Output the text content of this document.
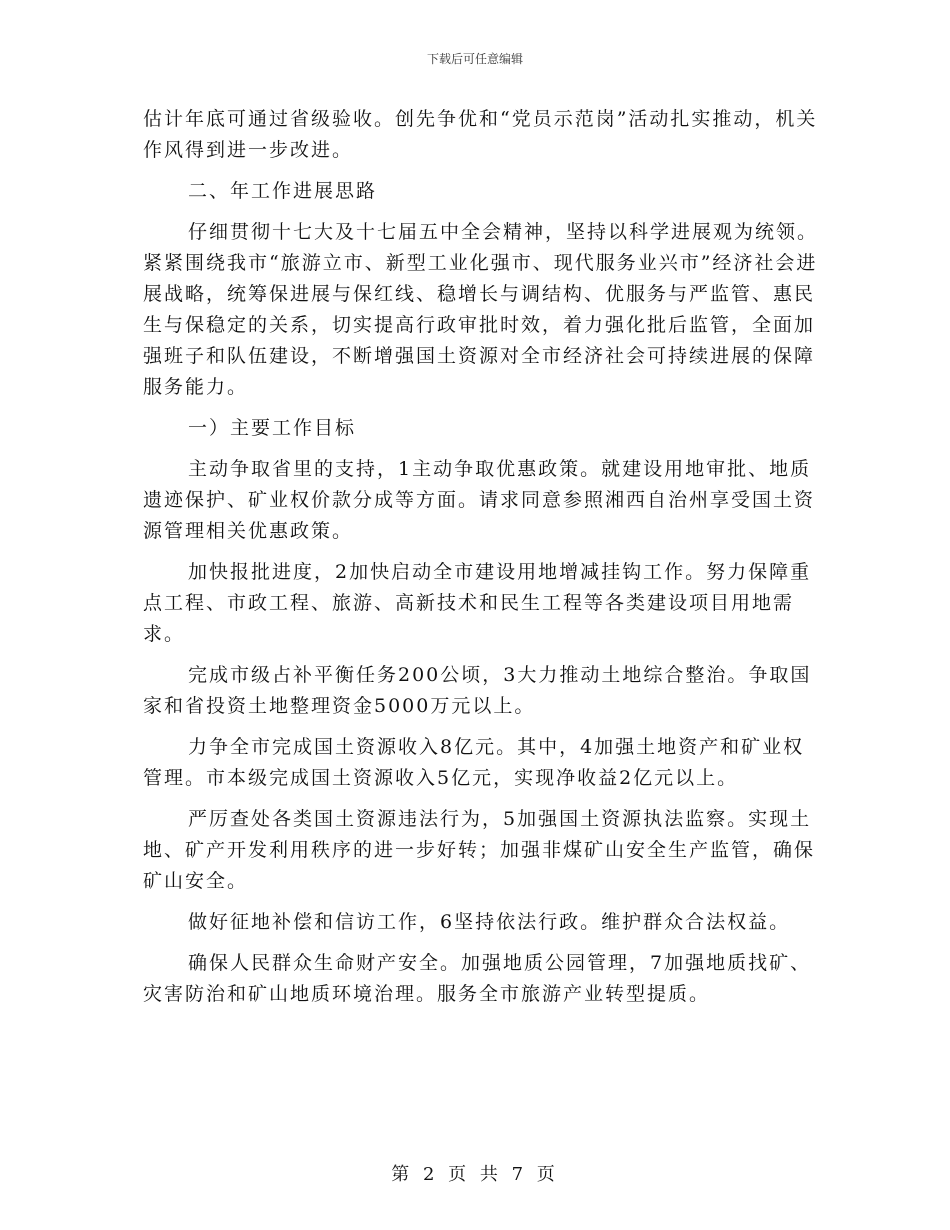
下载后可任意编辑

估计年底可通过省级验收。创先争优和“党员示范岗”活动扎实推动，机关作风得到进一步改进。

二、年工作进展思路

仔细贯彻十七大及十七届五中全会精神，坚持以科学进展观为统领。紧紧围绕我市“旅游立市、新型工业化强市、现代服务业兴市”经济社会进展战略，统筹保进展与保红线、稳增长与调结构、优服务与严监管、惠民生与保稳定的关系，切实提高行政审批时效，着力强化批后监管，全面加强班子和队伍建设，不断增强国土资源对全市经济社会可持续进展的保障服务能力。

一）主要工作目标

主动争取省里的支持，1主动争取优惠政策。就建设用地审批、地质遗迹保护、矿业权价款分成等方面。请求同意参照湘西自治州享受国土资源管理相关优惠政策。

加快报批进度，2加快启动全市建设用地增减挂钩工作。努力保障重点工程、市政工程、旅游、高新技术和民生工程等各类建设项目用地需求。

完成市级占补平衡任务200公顷，3大力推动土地综合整治。争取国家和省投资土地整理资金5000万元以上。

力争全市完成国土资源收入8亿元。其中，4加强土地资产和矿业权管理。市本级完成国土资源收入5亿元，实现净收益2亿元以上。

严厉查处各类国土资源违法行为，5加强国土资源执法监察。实现土地、矿产开发利用秩序的进一步好转；加强非煤矿山安全生产监管，确保矿山安全。

做好征地补偿和信访工作，6坚持依法行政。维护群众合法权益。

确保人民群众生命财产安全。加强地质公园管理，7加强地质找矿、灾害防治和矿山地质环境治理。服务全市旅游产业转型提质。

第 2 页 共 7 页
